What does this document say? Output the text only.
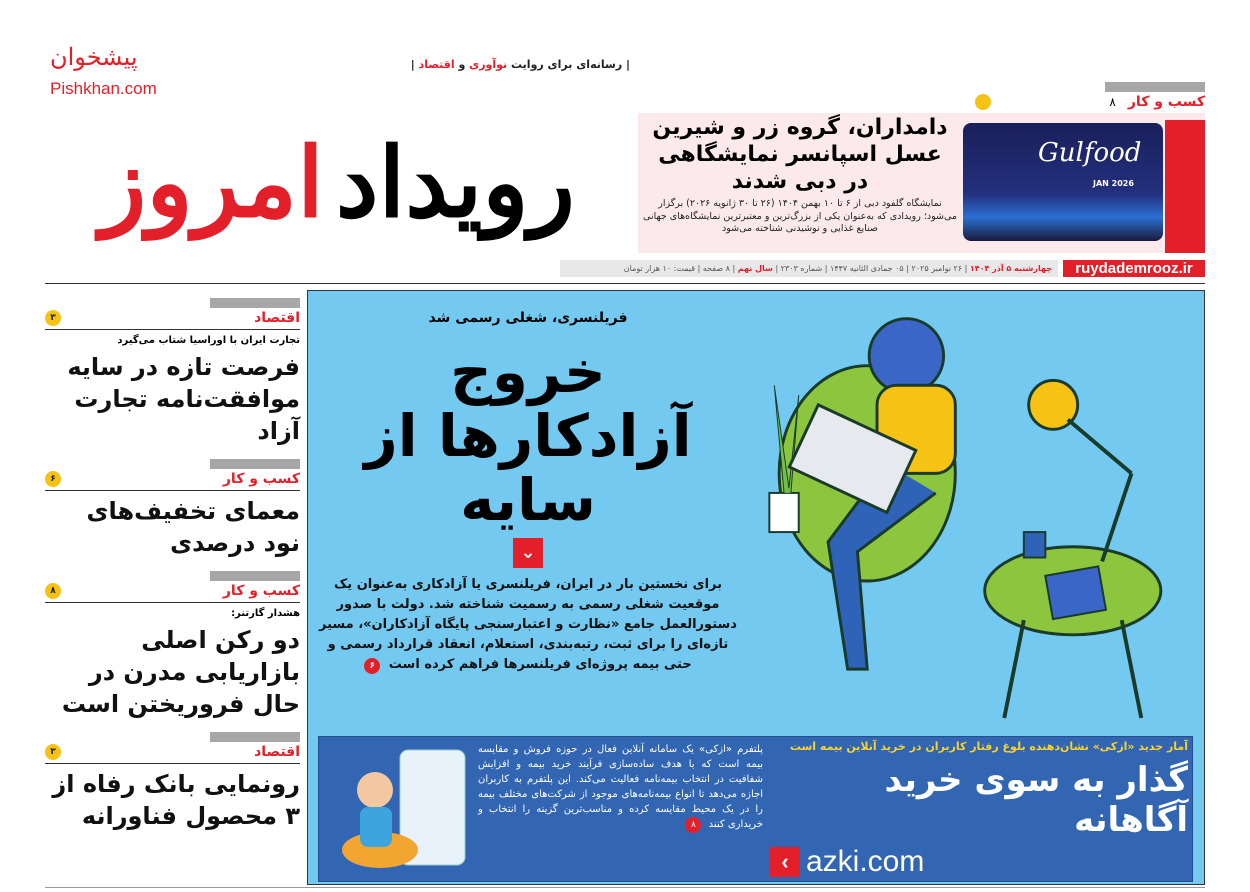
پیشخوان
Pishkhan.com
| رسانه‌ای برای روایت نوآوری و اقتصاد |
رویداد
امروز
کسب و کار
۸
Gulfood
JAN 2026
دامداران، گروه زر و شیرین عسل اسپانسر نمایشگاهی در دبی شدند
نمایشگاه گلفود دبی از ۶ تا ۱۰ بهمن ۱۴۰۴ (۲۶ تا ۳۰ ژانویه ۲۰۲۶) برگزار می‌شود؛ رویدادی که به‌عنوان یکی از بزرگ‌ترین و معتبرترین نمایشگاه‌های جهانی صنایع غذایی و نوشیدنی شناخته می‌شود
چهارشنبه ۵ آذر ۱۴۰۴ | ۲۶ نوامبر ۲۰۲۵ | ۰۵ جمادی الثانیه ۱۴۴۷ | شماره ۲۳۰۳ | سال نهم | ۸ صفحه | قیمت: ۱۰ هزار تومان	ruydademrooz.ir
اقتصاد
۳
تجارت ایران با اوراسیا شتاب می‌گیرد
فرصت تازه در سایه موافقت‌نامه تجارت آزاد
کسب و کار
۶
معمای تخفیف‌های نود درصدی
کسب و کار
۸
هشدار گارتنر:
دو رکن اصلی بازاریابی مدرن در حال فروریختن است
اقتصاد
۳
رونمایی بانک رفاه از ۳ محصول فناورانه
فریلنسری، شغلی رسمی شد
خروج آزادکارها از سایه
⌄
برای نخستین بار در ایران، فریلنسری یا آزادکاری به‌عنوان یک موقعیت شغلی رسمی به رسمیت شناخته شد. دولت با صدور دستورالعمل جامع «نظارت و اعتبارسنجی پایگاه آزادکاران»، مسیر تازه‌ای را برای ثبت، رتبه‌بندی، استعلام، انعقاد قرارداد رسمی و حتی بیمه پروژه‌ای فریلنسرها فراهم کرده است ۶
آمار جدید «ازکی» نشان‌دهنده بلوغ رفتار کاربران در خرید آنلاین بیمه است
گذار به سوی خرید آگاهانه
‹ azki.com
پلتفرم «ازکی» یک سامانه آنلاین فعال در حوزه فروش و مقایسه بیمه است که با هدف ساده‌سازی فرآیند خرید بیمه و افزایش شفافیت در انتخاب بیمه‌نامه فعالیت می‌کند. این پلتفرم به کاربران اجازه می‌دهد تا انواع بیمه‌نامه‌های موجود از شرکت‌های مختلف بیمه را در یک محیط مقایسه کرده و مناسب‌ترین گزینه را انتخاب و خریداری کنند ۸
